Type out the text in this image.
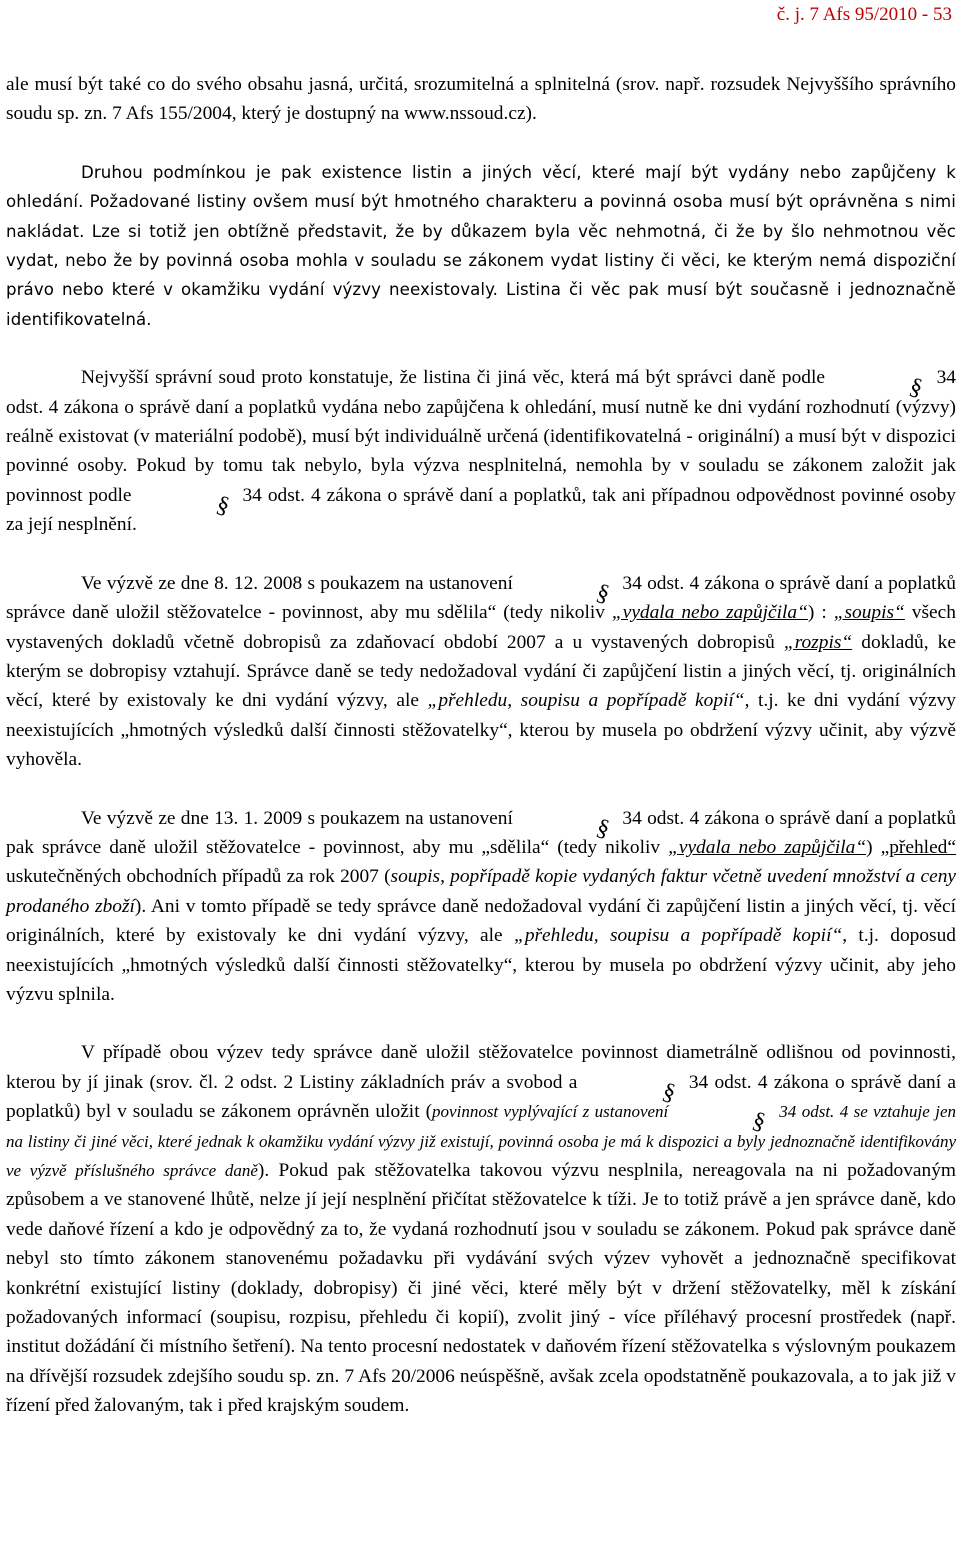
č. j. 7 Afs 95/2010 - 53

ale musí být také co do svého obsahu jasná, určitá, srozumitelná a splnitelná (srov. např. rozsudek Nejvyššího správního soudu sp. zn. 7 Afs 155/2004, který je dostupný na www.nssoud.cz).

Druhou podmínkou je pak existence listin a jiných věcí, které mají být vydány nebo zapůjčeny k ohledání. Požadované listiny ovšem musí být hmotného charakteru a povinná osoba musí být oprávněna s nimi nakládat. Lze si totiž jen obtížně představit, že by důkazem byla věc nehmotná, či že by šlo nehmotnou věc vydat, nebo že by povinná osoba mohla v souladu se zákonem vydat listiny či věci, ke kterým nemá dispoziční právo nebo které v okamžiku vydání výzvy neexistovaly. Listina či věc pak musí být současně i jednoznačně identifikovatelná.

Nejvyšší správní soud proto konstatuje, že listina či jiná věc, která má být správci daně podle	§ 34 odst. 4 zákona o správě daní a poplatků vydána nebo zapůjčena k ohledání, musí nutně ke dni vydání rozhodnutí (výzvy) reálně existovat (v materiální podobě), musí být individuálně určená (identifikovatelná - originální) a musí být v dispozici povinné osoby. Pokud by tomu tak nebylo, byla výzva nesplnitelná, nemohla by v souladu se zákonem založit jak povinnost podle	§ 34 odst. 4 zákona o správě daní a poplatků, tak ani případnou odpovědnost povinné osoby za její nesplnění.

Ve výzvě ze dne 8. 12. 2008 s poukazem na ustanovení	§ 34 odst. 4 zákona o správě daní a poplatků správce daně uložil stěžovatelce - povinnost, aby mu sdělila“ (tedy nikoliv „vydala nebo zapůjčila“) : „soupis“ všech vystavených dokladů včetně dobropisů za zdaňovací období 2007 a u vystavených dobropisů „rozpis“ dokladů, ke kterým se dobropisy vztahují. Správce daně se tedy nedožadoval vydání či zapůjčení listin a jiných věcí, tj. originálních věcí, které by existovaly ke dni vydání výzvy, ale „přehledu, soupisu a popřípadě kopií“, t.j. ke dni vydání výzvy neexistujících „hmotných výsledků další činnosti stěžovatelky“, kterou by musela po obdržení výzvy učinit, aby výzvě vyhověla.

Ve výzvě ze dne 13. 1. 2009 s poukazem na ustanovení	§ 34 odst. 4 zákona o správě daní a poplatků pak správce daně uložil stěžovatelce - povinnost, aby mu „sdělila“ (tedy nikoliv „vydala nebo zapůjčila“) „přehled“ uskutečněných obchodních případů za rok 2007 (soupis, popřípadě kopie vydaných faktur včetně uvedení množství a ceny prodaného zboží). Ani v tomto případě se tedy správce daně nedožadoval vydání či zapůjčení listin a jiných věcí, tj. věcí originálních, které by existovaly ke dni vydání výzvy, ale „přehledu, soupisu a popřípadě kopií“, t.j. doposud neexistujících „hmotných výsledků další činnosti stěžovatelky“, kterou by musela po obdržení výzvy učinit, aby jeho výzvu splnila.

V případě obou výzev tedy správce daně uložil stěžovatelce povinnost diametrálně odlišnou od povinnosti, kterou by jí jinak (srov. čl. 2 odst. 2 Listiny základních práv a svobod a	§ 34 odst. 4 zákona o správě daní a poplatků) byl v souladu se zákonem oprávněn uložit (povinnost vyplývající z ustanovení	§ 34 odst. 4 se vztahuje jen na listiny či jiné věci, které jednak k okamžiku vydání výzvy již existují, povinná osoba je má k dispozici a byly jednoznačně identifikovány ve výzvě příslušného správce daně). Pokud pak stěžovatelka takovou výzvu nesplnila, nereagovala na ni požadovaným způsobem a ve stanovené lhůtě, nelze jí její nesplnění přičítat stěžovatelce k tíži. Je to totiž právě a jen správce daně, kdo vede daňové řízení a kdo je odpovědný za to, že vydaná rozhodnutí jsou v souladu se zákonem. Pokud pak správce daně nebyl sto tímto zákonem stanovenému požadavku při vydávání svých výzev vyhovět a jednoznačně specifikovat konkrétní existující listiny (doklady, dobropisy) či jiné věci, které měly být v držení stěžovatelky, měl k získání požadovaných informací (soupisu, rozpisu, přehledu či kopií), zvolit jiný - více příléhavý procesní prostředek (např. institut dožádání či místního šetření). Na tento procesní nedostatek v daňovém řízení stěžovatelka s výslovným poukazem na dřívější rozsudek zdejšího soudu sp. zn. 7 Afs 20/2006 neúspěšně, avšak zcela opodstatněně poukazovala, a to jak již v řízení před žalovaným, tak i před krajským soudem.
